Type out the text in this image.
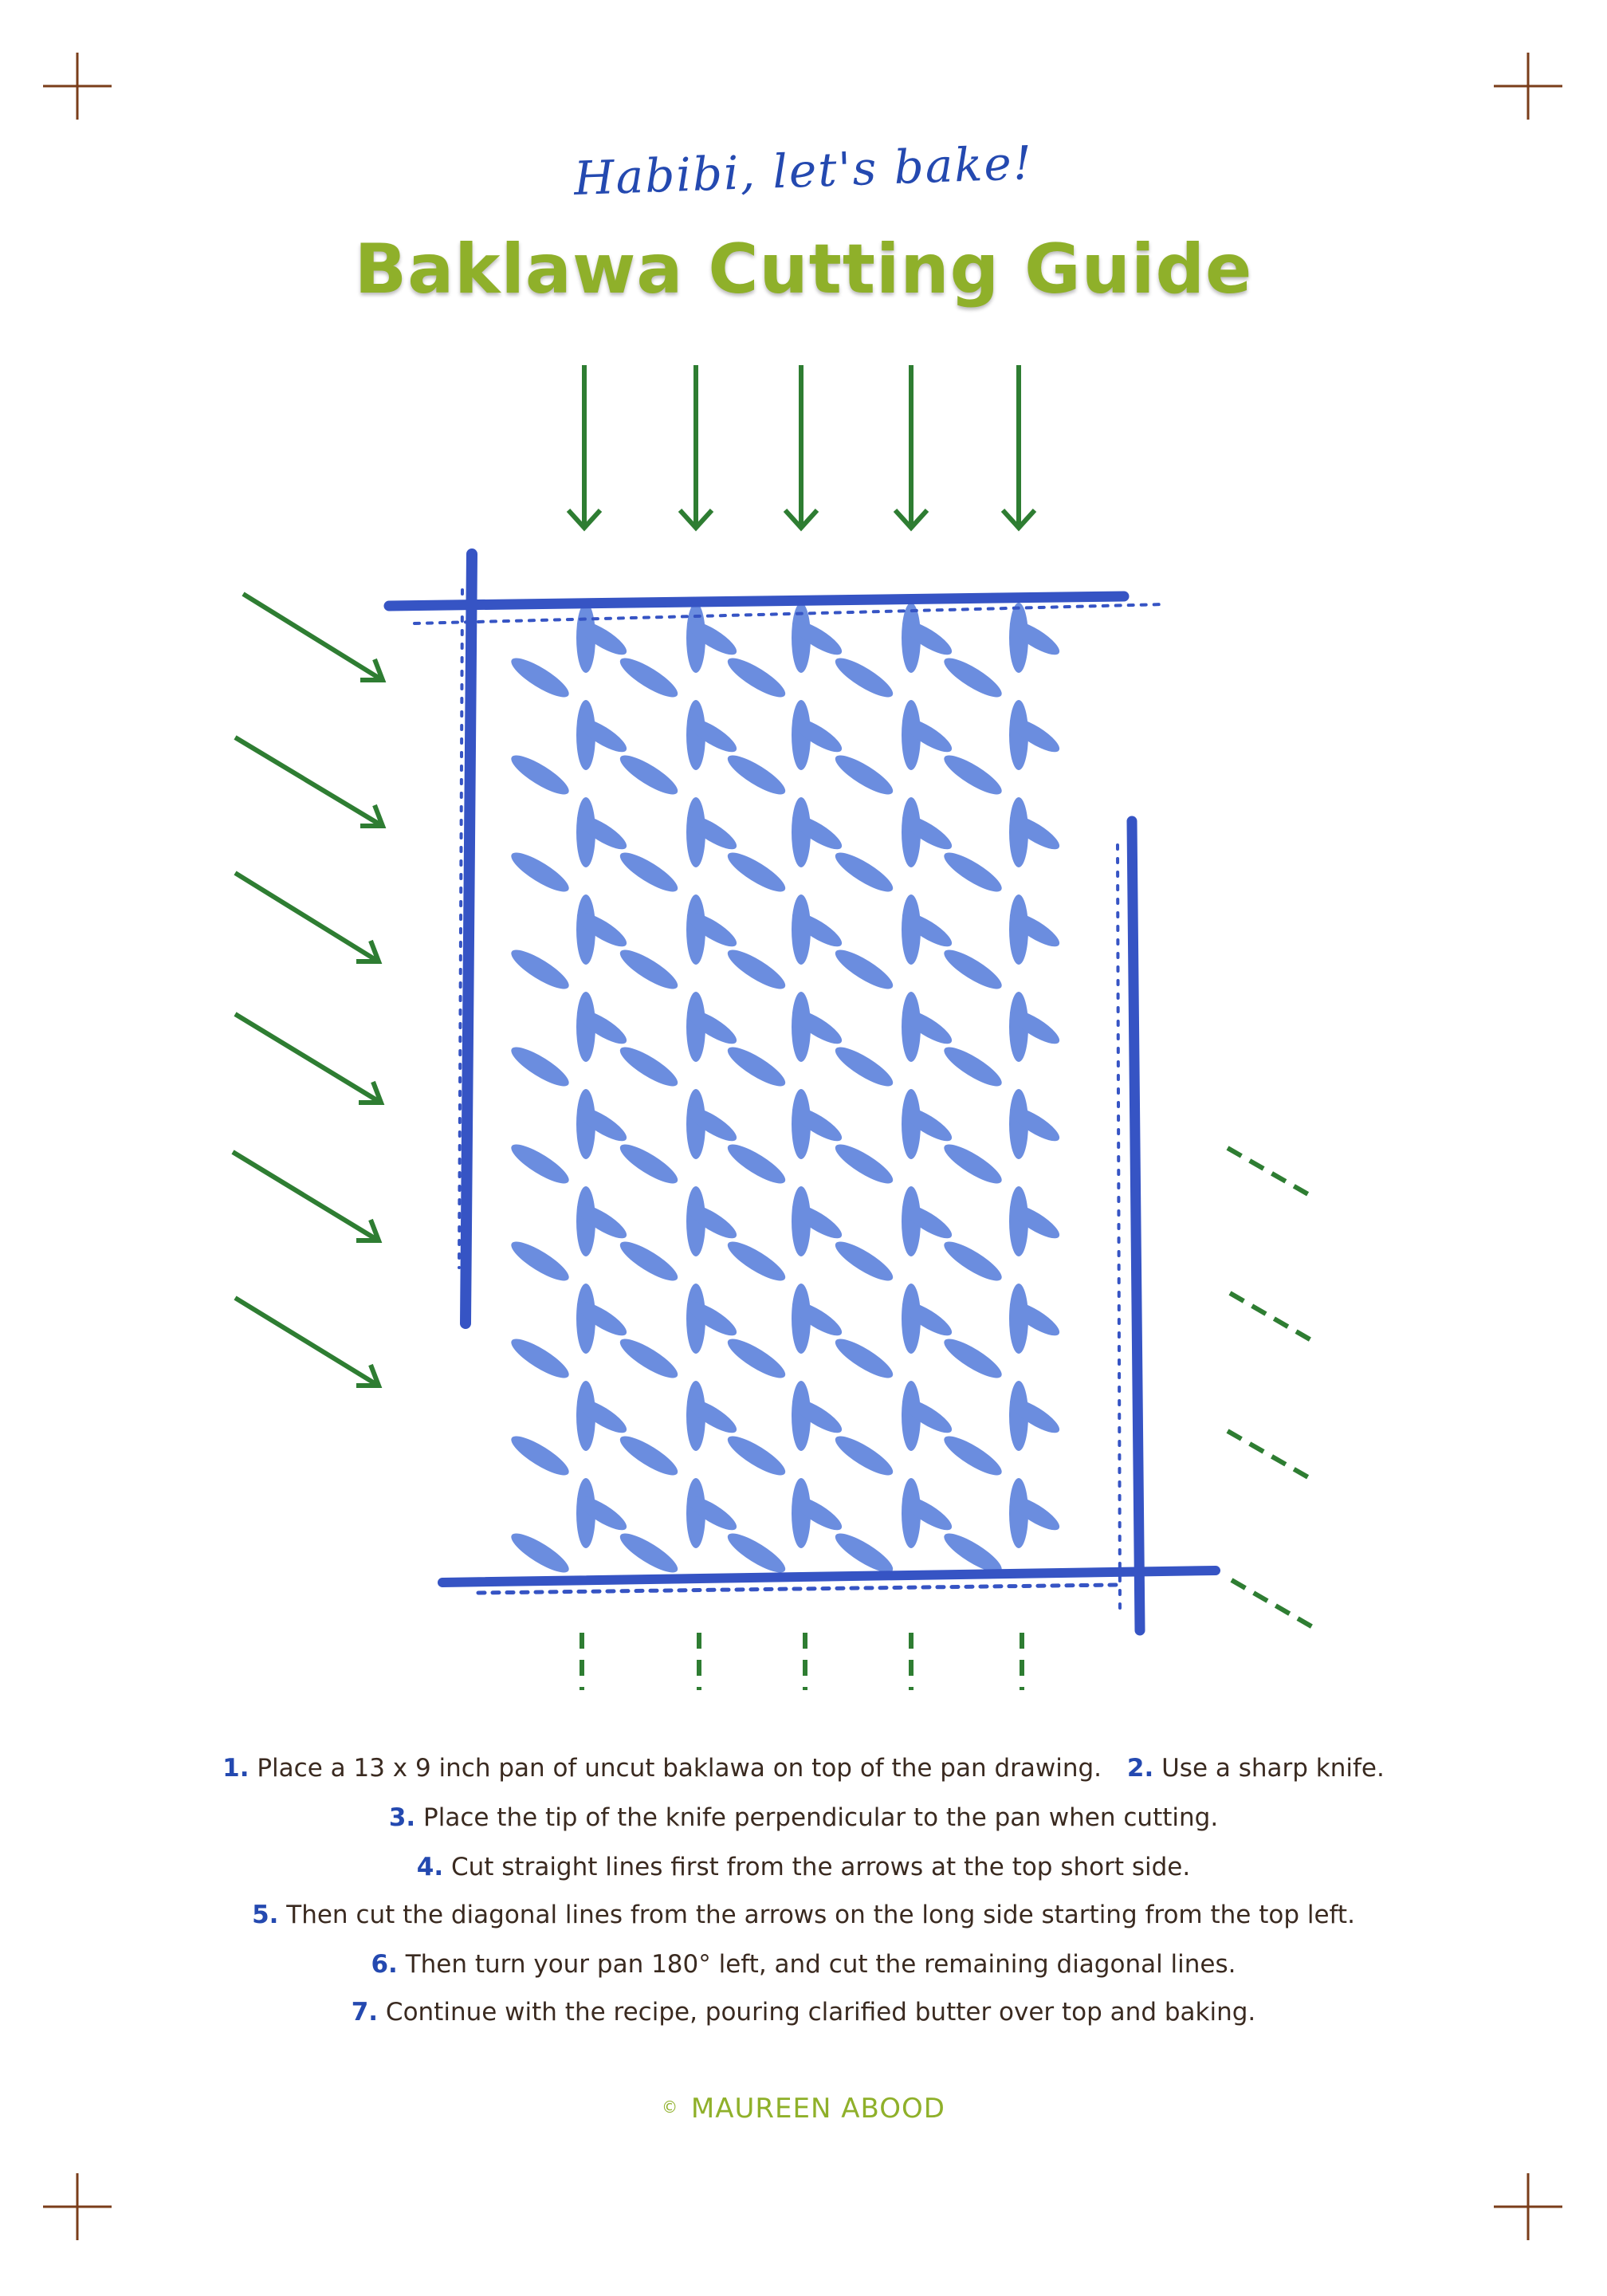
Habibi, let's bake!
Baklawa Cutting Guide
1. Place a 13 x 9 inch pan of uncut baklawa on top of the pan drawing. 2. Use a sharp knife.
3. Place the tip of the knife perpendicular to the pan when cutting.
4. Cut straight lines first from the arrows at the top short side.
5. Then cut the diagonal lines from the arrows on the long side starting from the top left.
6. Then turn your pan 180° left, and cut the remaining diagonal lines.
7. Continue with the recipe, pouring clarified butter over top and baking.
© MAUREEN ABOOD
